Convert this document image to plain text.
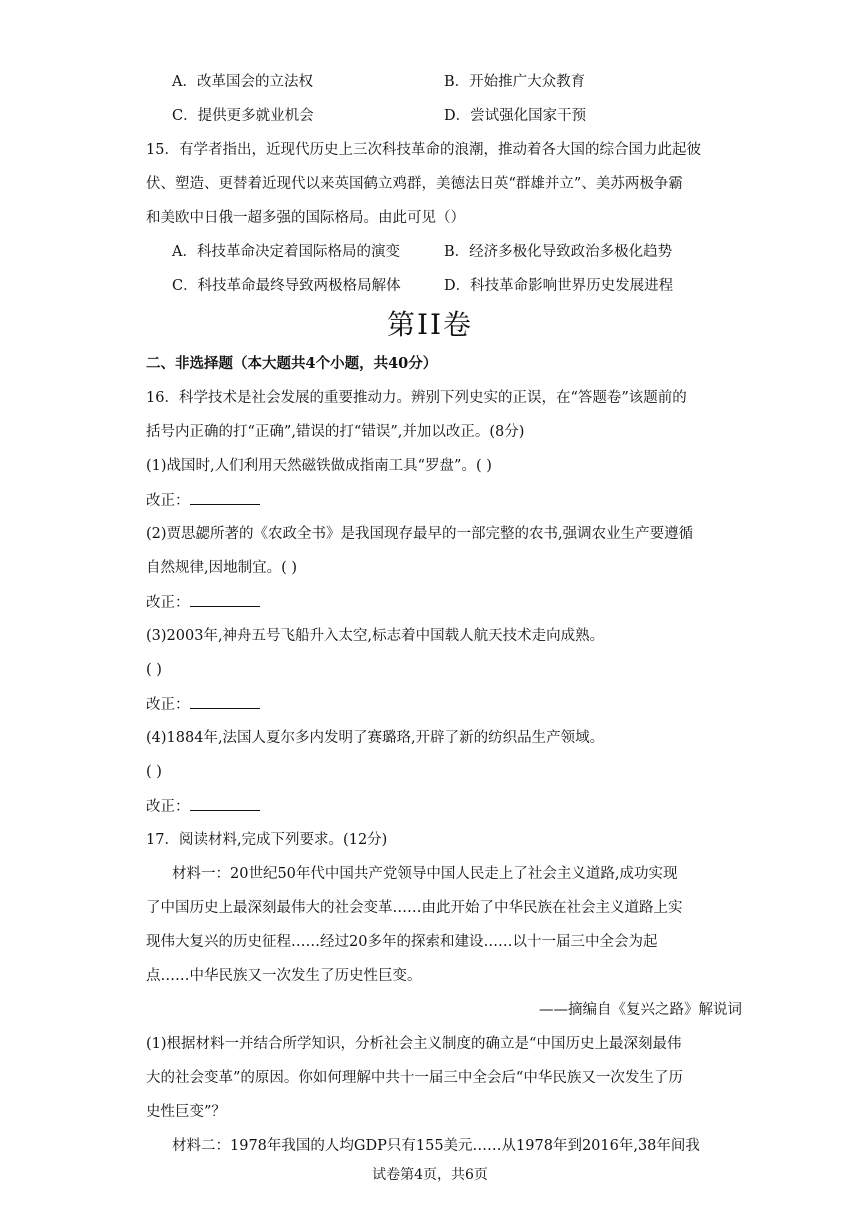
A．改革国会的立法权	B．开始推广大众教育
C．提供更多就业机会	D．尝试强化国家干预
15．有学者指出，近现代历史上三次科技革命的浪潮，推动着各大国的综合国力此起彼
伏、塑造、更替着近现代以来英国鹤立鸡群，美德法日英“群雄并立”、美苏两极争霸
和美欧中日俄一超多强的国际格局。由此可见（）
A．科技革命决定着国际格局的演变	B．经济多极化导致政治多极化趋势
C．科技革命最终导致两极格局解体	D．科技革命影响世界历史发展进程
第II卷
二、非选择题（本大题共4个小题，共40分）
16．科学技术是社会发展的重要推动力。辨别下列史实的正误，在“答题卷”该题前的
括号内正确的打“正确”,错误的打“错误”,并加以改正。(8分)
(1)战国时,人们利用天然磁铁做成指南工具“罗盘”。( )
改正：
(2)贾思勰所著的《农政全书》是我国现存最早的一部完整的农书,强调农业生产要遵循
自然规律,因地制宜。( )
改正：
(3)2003年,神舟五号飞船升入太空,标志着中国载人航天技术走向成熟。
( )
改正：
(4)1884年,法国人夏尔多内发明了赛璐珞,开辟了新的纺织品生产领域。
( )
改正：
17．阅读材料,完成下列要求。(12分)
材料一：20世纪50年代中国共产党领导中国人民走上了社会主义道路,成功实现
了中国历史上最深刻最伟大的社会变革……由此开始了中华民族在社会主义道路上实
现伟大复兴的历史征程……经过20多年的探索和建设……以十一届三中全会为起
点……中华民族又一次发生了历史性巨变。
——摘编自《复兴之路》解说词
(1)根据材料一并结合所学知识，分析社会主义制度的确立是“中国历史上最深刻最伟
大的社会变革”的原因。你如何理解中共十一届三中全会后“中华民族又一次发生了历
史性巨变”？
材料二：1978年我国的人均GDP只有155美元……从1978年到2016年,38年间我
试卷第4页，共6页
